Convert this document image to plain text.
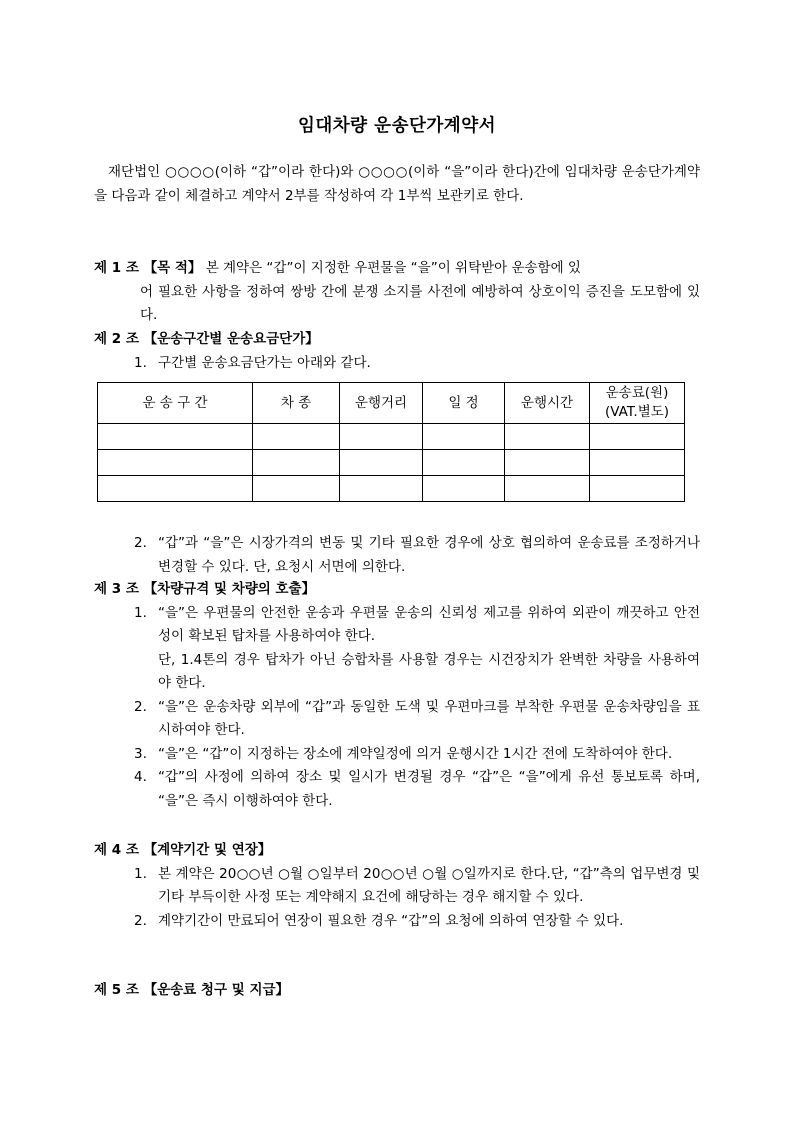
임대차량 운송단가계약서
재단법인 ○○○○(이하 “갑”이라 한다)와 ○○○○(이하 “을”이라 한다)간에 임대차량 운송단가계약을 다음과 같이 체결하고 계약서 2부를 작성하여 각 1부씩 보관키로 한다.
제 1 조 【목 적】 본 계약은 “갑”이 지정한 우편물을 “을”이 위탁받아 운송함에 있
어 필요한 사항을 정하여 쌍방 간에 분쟁 소지를 사전에 예방하여 상호이익 증진을 도모함에 있다.
제 2 조 【운송구간별 운송요금단가】
1. 구간별 운송요금단가는 아래와 같다.
운 송 구 간	차 종	운행거리	일 정	운행시간	운송료(원)
(VAT.별도)

2. “갑”과 “을”은 시장가격의 변동 및 기타 필요한 경우에 상호 협의하여 운송료를 조정하거나 변경할 수 있다. 단, 요청시 서면에 의한다.
제 3 조 【차량규격 및 차량의 호출】
1. “을”은 우편물의 안전한 운송과 우편물 운송의 신뢰성 제고를 위하여 외관이 깨끗하고 안전성이 확보된 탑차를 사용하여야 한다.
단, 1.4톤의 경우 탑차가 아닌 승합차를 사용할 경우는 시건장치가 완벽한 차량을 사용하여야 한다.
2. “을”은 운송차량 외부에 “갑”과 동일한 도색 및 우편마크를 부착한 우편물 운송차량임을 표시하여야 한다.
3. “을”은 “갑”이 지정하는 장소에 계약일정에 의거 운행시간 1시간 전에 도착하여야 한다.
4. “갑”의 사정에 의하여 장소 및 일시가 변경될 경우 “갑”은 “을”에게 유선 통보토록 하며, “을”은 즉시 이행하여야 한다.
제 4 조 【계약기간 및 연장】
1. 본 계약은 20○○년 ○월 ○일부터 20○○년 ○월 ○일까지로 한다.단, “갑”측의 업무변경 및 기타 부득이한 사정 또는 계약해지 요건에 해당하는 경우 해지할 수 있다.
2. 계약기간이 만료되어 연장이 필요한 경우 “갑”의 요청에 의하여 연장할 수 있다.
제 5 조 【운송료 청구 및 지급】
